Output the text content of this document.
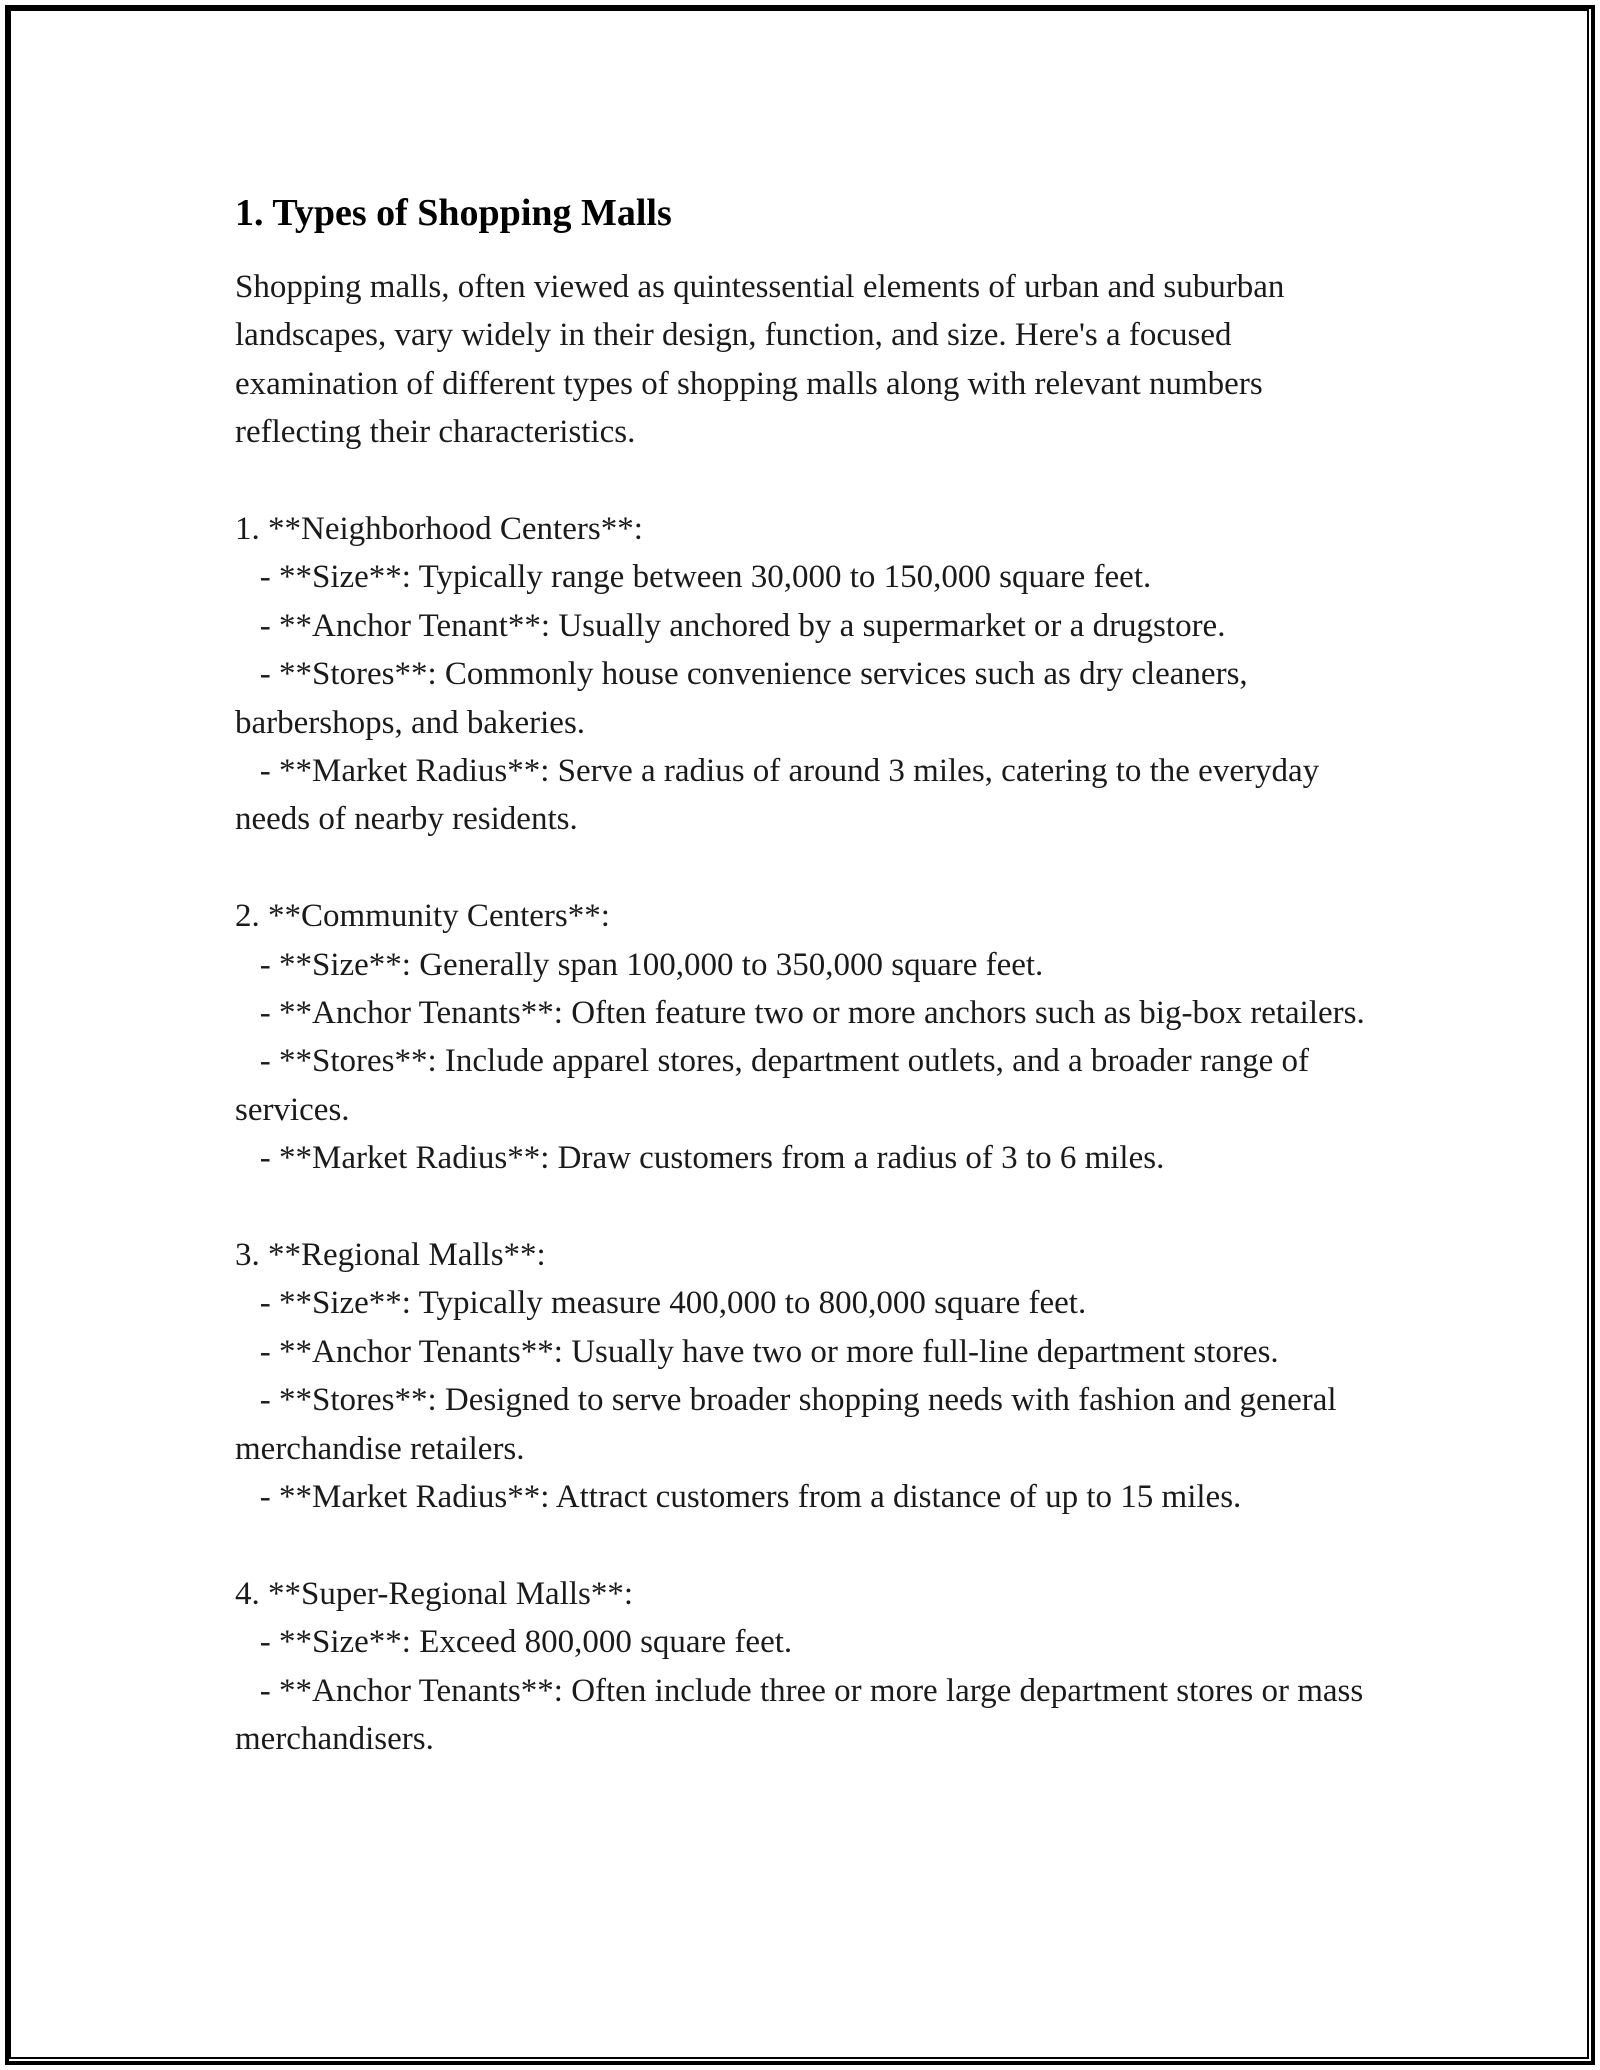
1. Types of Shopping Malls

Shopping malls, often viewed as quintessential elements of urban and suburban landscapes, vary widely in their design, function, and size. Here's a focused examination of different types of shopping malls along with relevant numbers reflecting their characteristics.

1. **Neighborhood Centers**:
- **Size**: Typically range between 30,000 to 150,000 square feet.
- **Anchor Tenant**: Usually anchored by a supermarket or a drugstore.
- **Stores**: Commonly house convenience services such as dry cleaners, barbershops, and bakeries.
- **Market Radius**: Serve a radius of around 3 miles, catering to the everyday needs of nearby residents.
2. **Community Centers**:
- **Size**: Generally span 100,000 to 350,000 square feet.
- **Anchor Tenants**: Often feature two or more anchors such as big-box retailers.
- **Stores**: Include apparel stores, department outlets, and a broader range of services.
- **Market Radius**: Draw customers from a radius of 3 to 6 miles.
3. **Regional Malls**:
- **Size**: Typically measure 400,000 to 800,000 square feet.
- **Anchor Tenants**: Usually have two or more full-line department stores.
- **Stores**: Designed to serve broader shopping needs with fashion and general merchandise retailers.
- **Market Radius**: Attract customers from a distance of up to 15 miles.
4. **Super-Regional Malls**:
- **Size**: Exceed 800,000 square feet.
- **Anchor Tenants**: Often include three or more large department stores or mass merchandisers.
